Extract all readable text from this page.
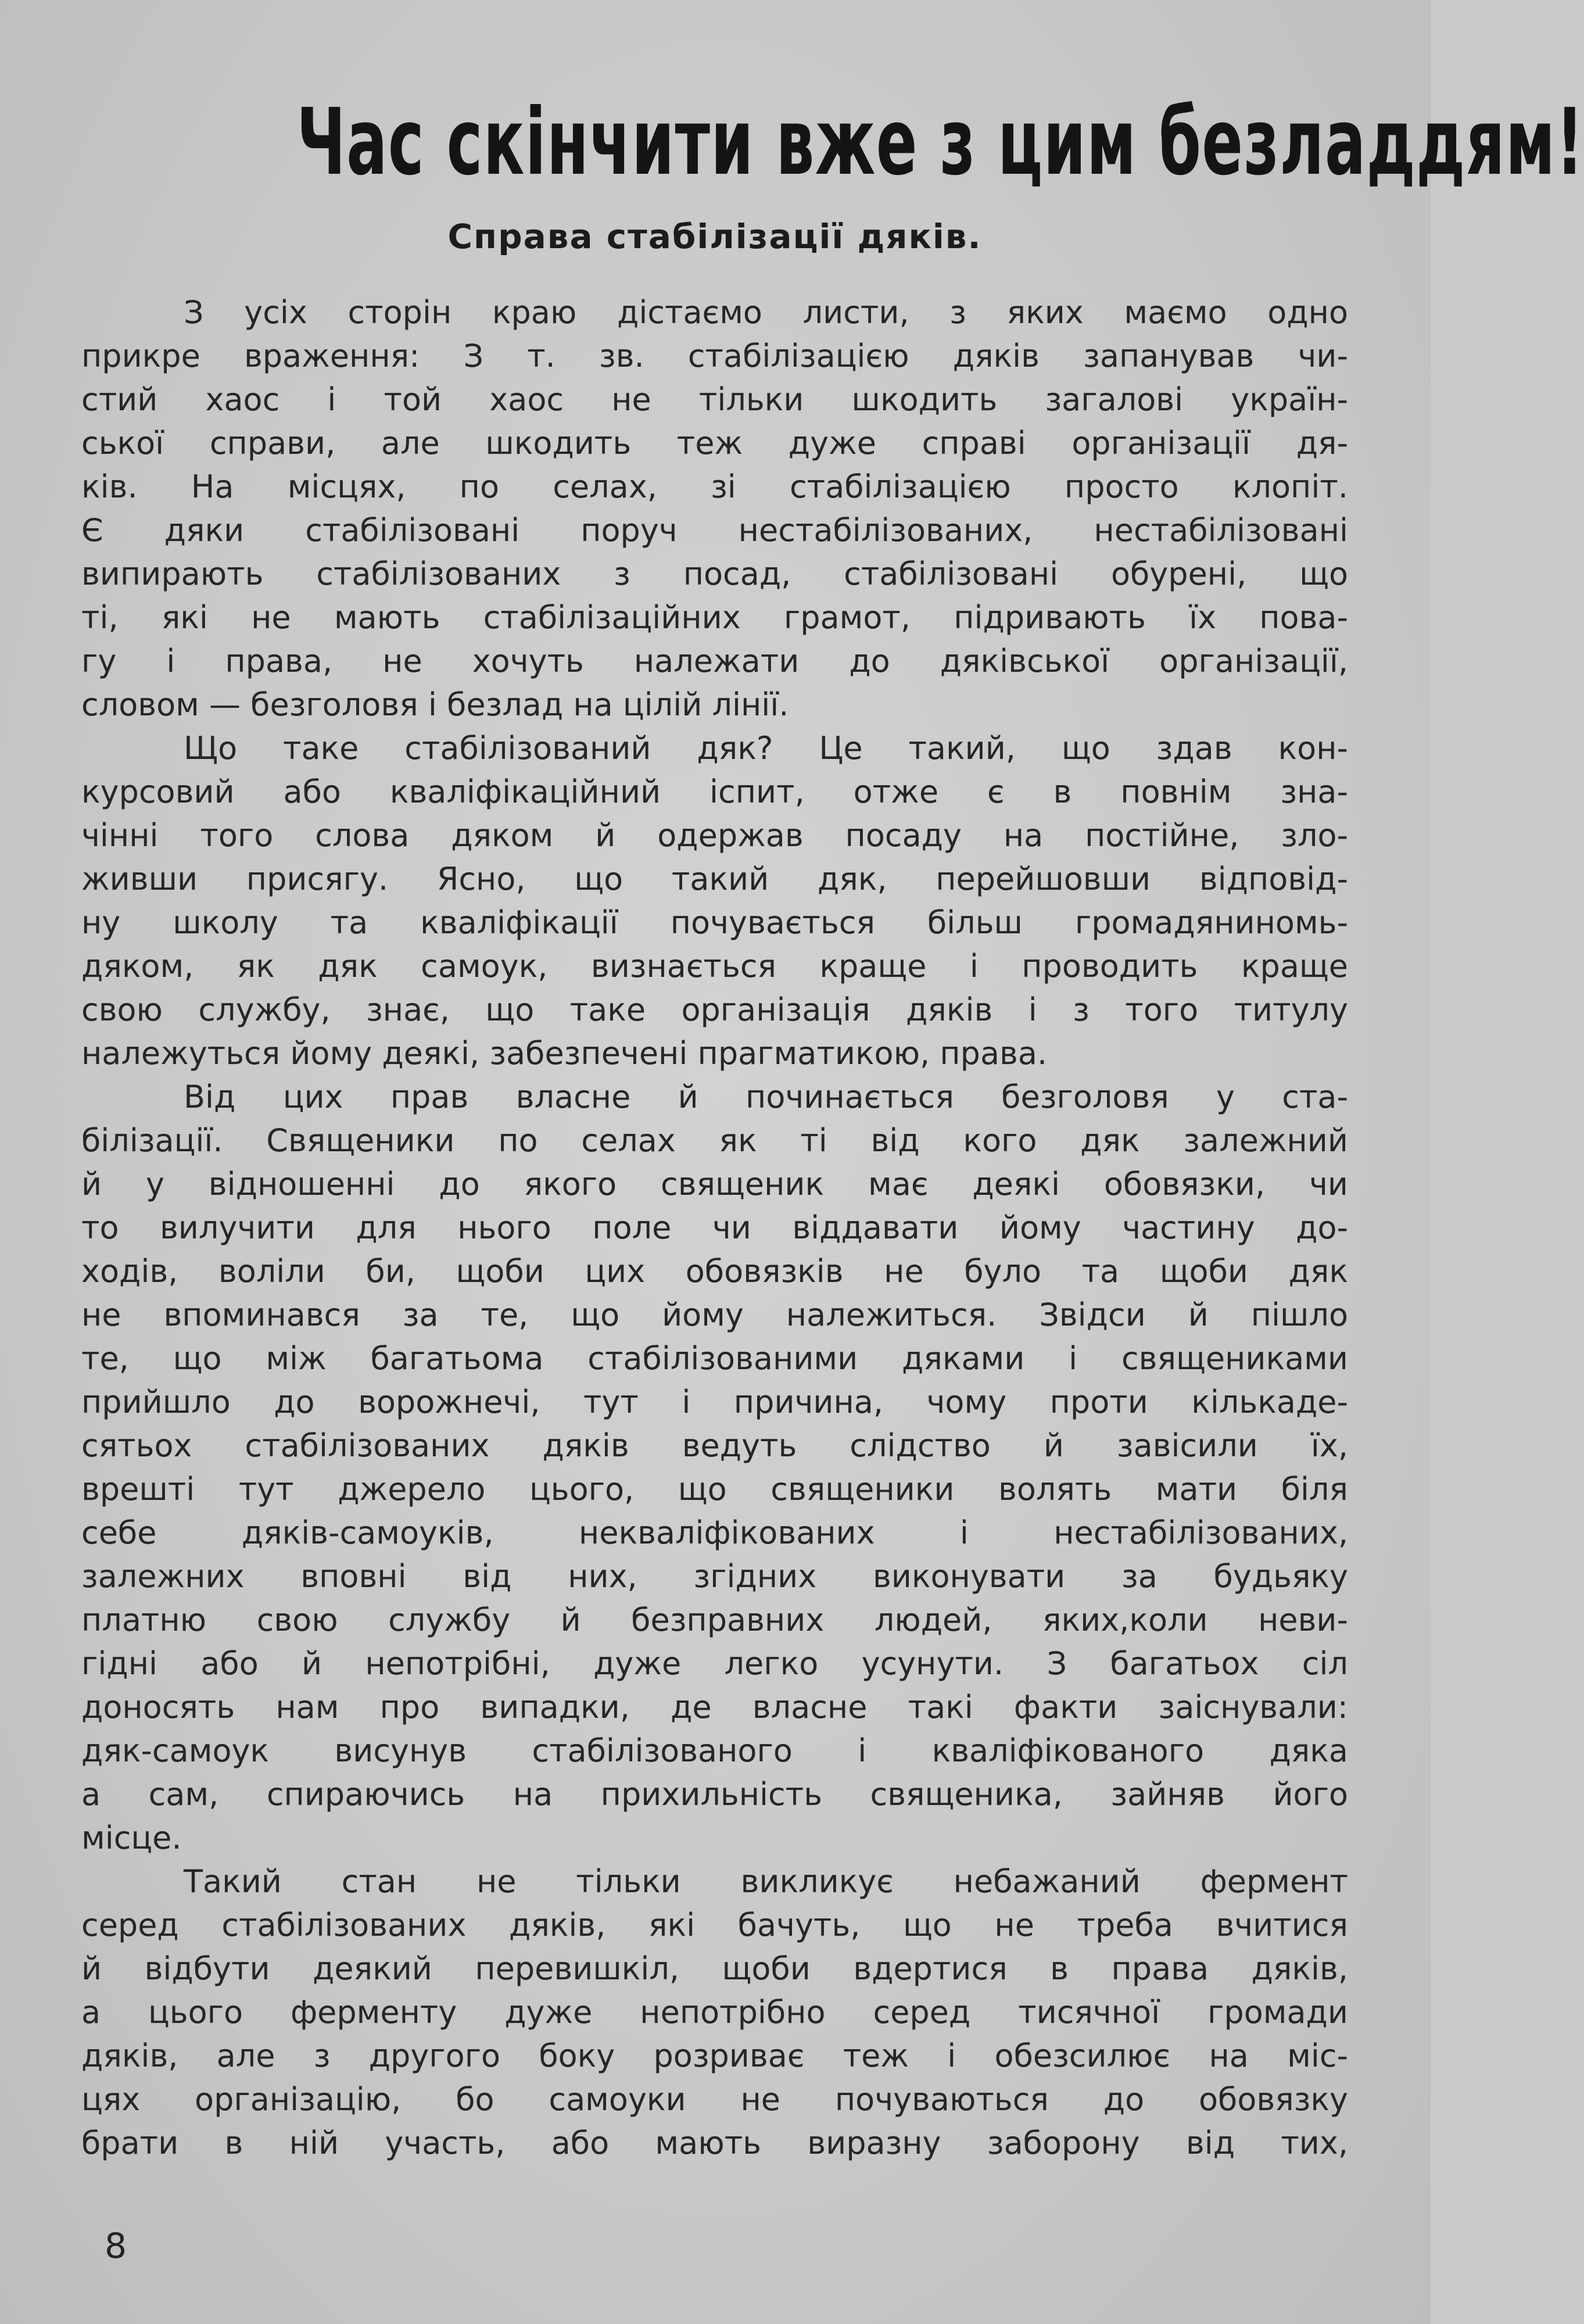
Час скінчити вже з цим безладдям!
Справа стабілізації дяків.
З усіх сторін краю дістаємо листи, з яких маємо одно
прикре враження: З т. зв. стабілізацією дяків запанував чи-
стий хаос і той хаос не тільки шкодить загалові україн-
ської справи, але шкодить теж дуже справі організації дя-
ків. На місцях, по селах, зі стабілізацією просто клопіт.
Є дяки стабілізовані поруч нестабілізованих, нестабілізовані
випирають стабілізованих з посад, стабілізовані обурені, що
ті, які не мають стабілізаційних грамот, підривають їх пова-
гу і права, не хочуть належати до дяківської організації,
словом — безголовя і безлад на цілій лінії.
Що таке стабілізований дяк? Це такий, що здав кон-
курсовий або кваліфікаційний іспит, отже є в повнім зна-
чінні того слова дяком й одержав посаду на постійне, зло-
живши присягу. Ясно, що такий дяк, перейшовши відповід-
ну школу та кваліфікації почувається більш громадяниномь-
дяком, як дяк самоук, визнається краще і проводить краще
свою службу, знає, що таке організація дяків і з того титулу
належуться йому деякі, забезпечені прагматикою, права.
Від цих прав власне й починається безголовя у ста-
білізації. Священики по селах як ті від кого дяк залежний
й у відношенні до якого священик має деякі обовязки, чи
то вилучити для нього поле чи віддавати йому частину до-
ходів, воліли би, щоби цих обовязків не було та щоби дяк
не впоминався за те, що йому належиться. Звідси й пішло
те, що між багатьома стабілізованими дяками і священиками
прийшло до ворожнечі, тут і причина, чому проти кількаде-
сятьох стабілізованих дяків ведуть слідство й завісили їх,
врешті тут джерело цього, що священики волять мати біля
себе дяків-самоуків, некваліфікованих і нестабілізованих,
залежних вповні від них, згідних виконувати за будьяку
платню свою службу й безправних людей, яких,коли неви-
гідні або й непотрібні, дуже легко усунути. З багатьох сіл
доносять нам про випадки, де власне такі факти заіснували:
дяк-самоук висунув стабілізованого і кваліфікованого дяка
а сам, спираючись на прихильність священика, зайняв його
місце.
Такий стан не тільки викликує небажаний фермент
серед стабілізованих дяків, які бачуть, що не треба вчитися
й відбути деякий перевишкіл, щоби вдертися в права дяків,
а цього ферменту дуже непотрібно серед тисячної громади
дяків, але з другого боку розриває теж і обезсилює на міс-
цях організацію, бо самоуки не почуваються до обовязку
брати в ній участь, або мають виразну заборону від тих,
8
